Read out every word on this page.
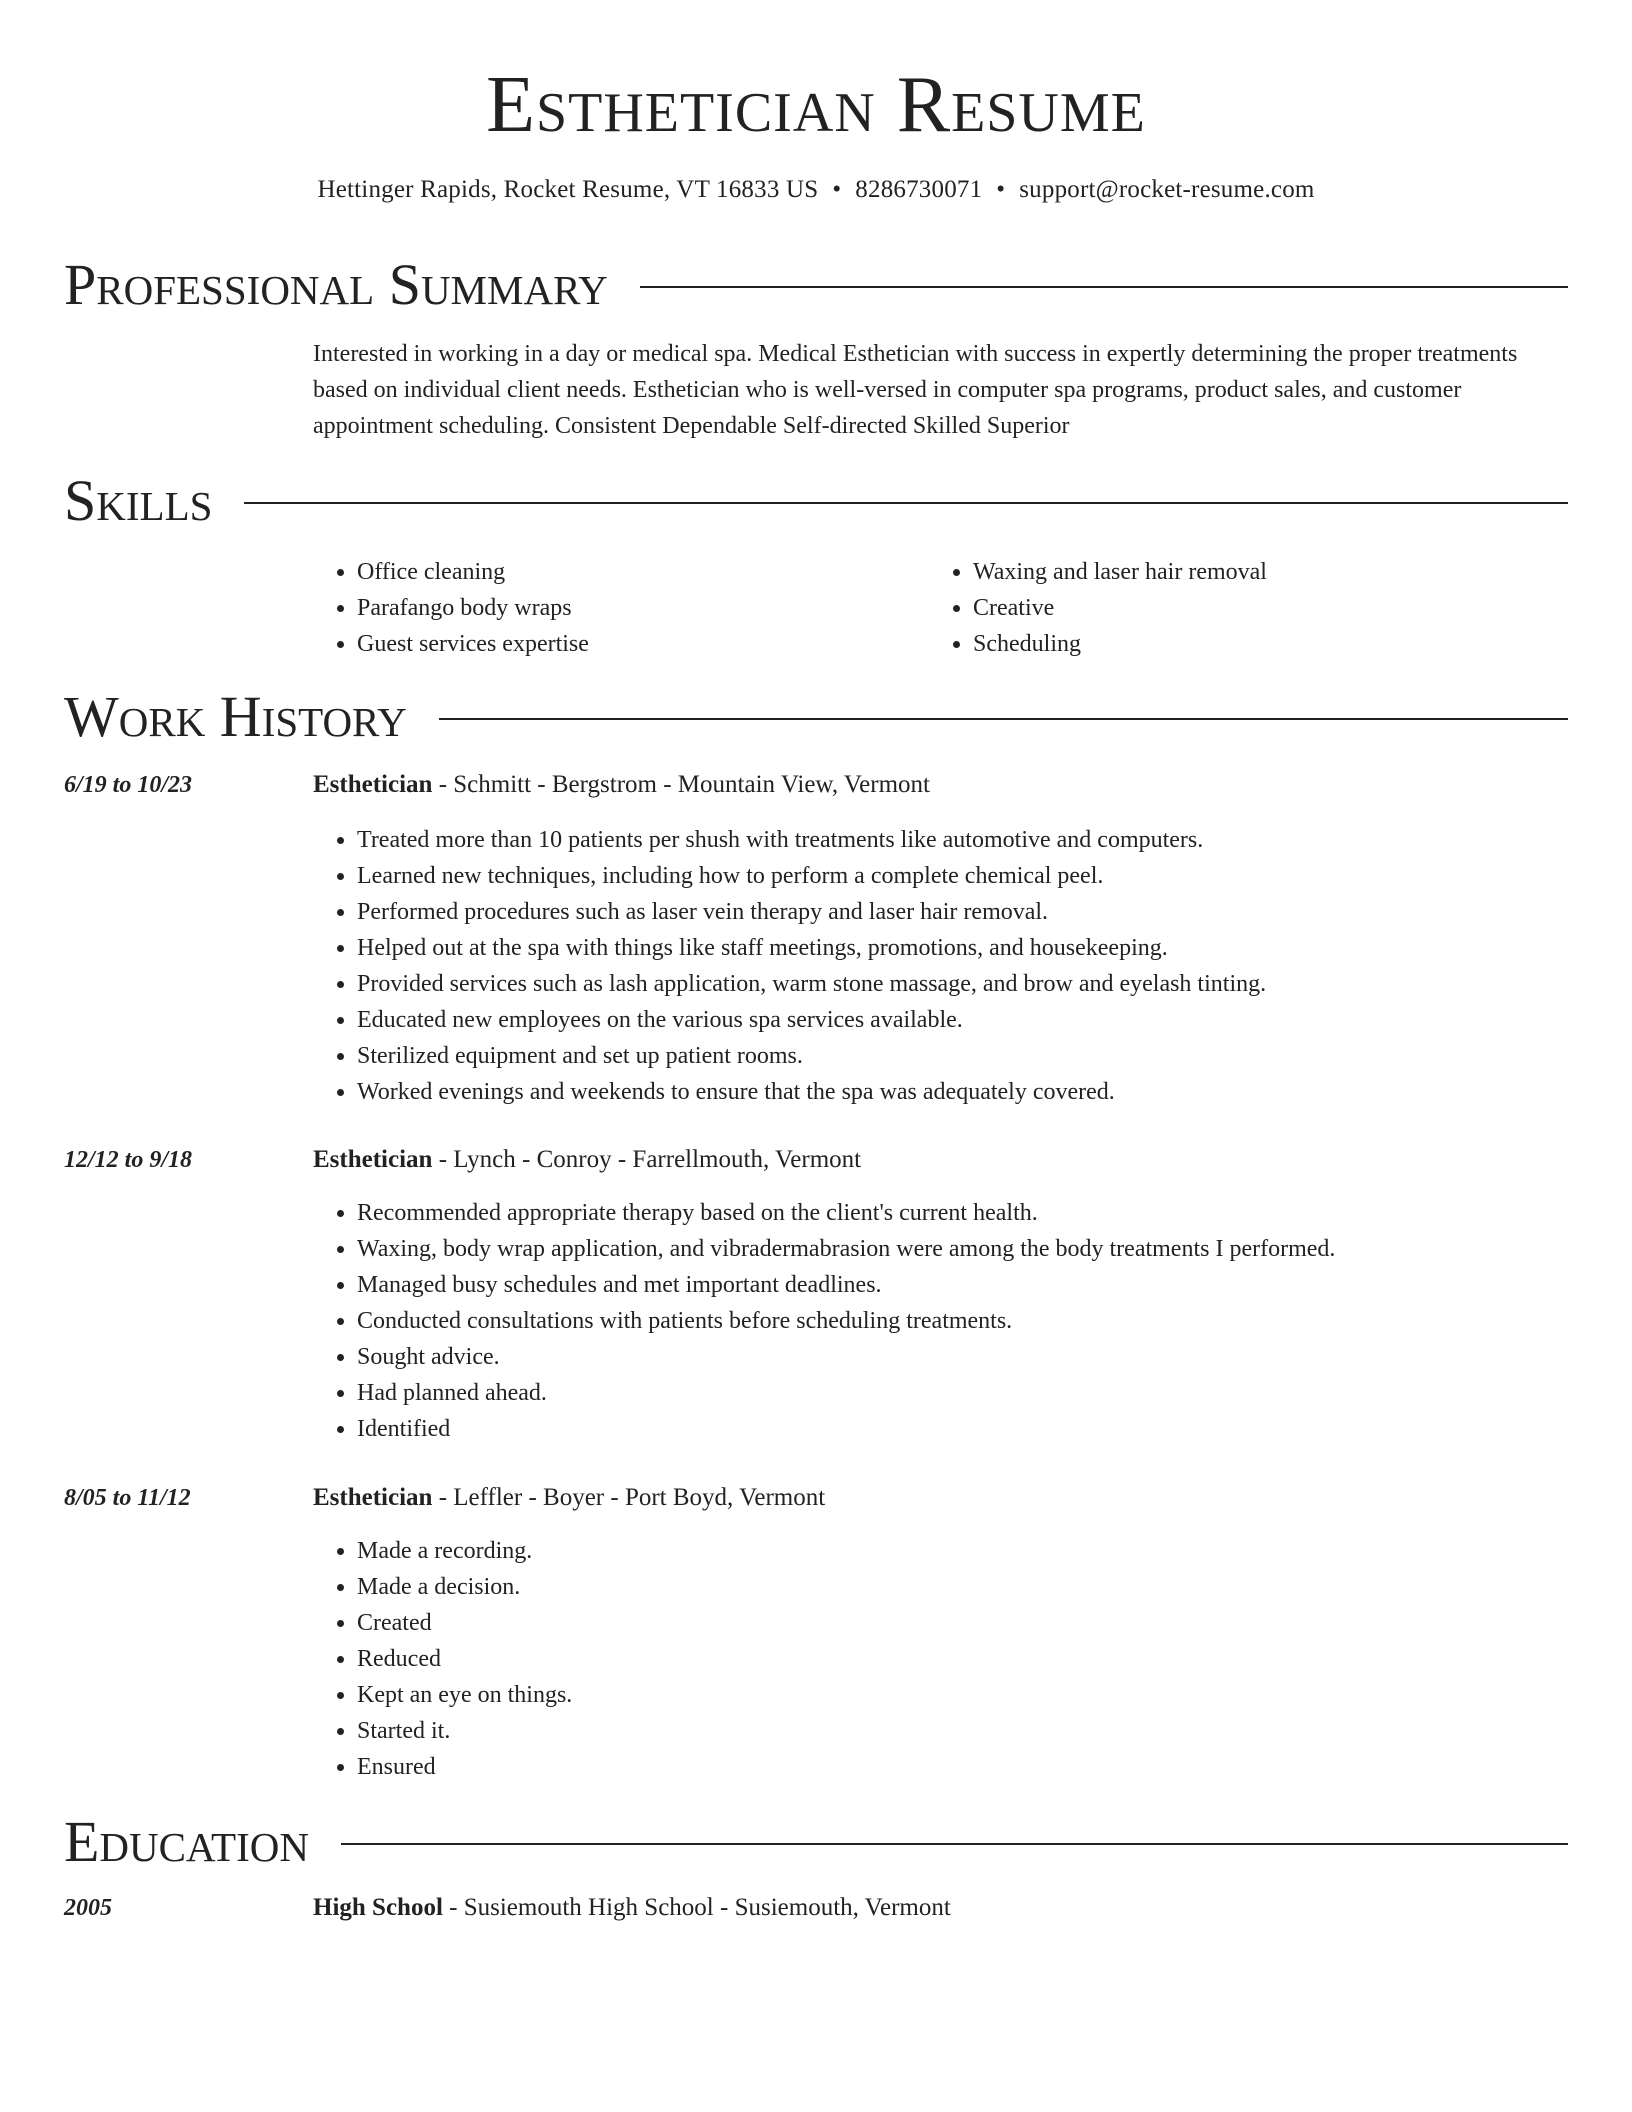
Esthetician Resume
Hettinger Rapids, Rocket Resume, VT 16833 US • 8286730071 • support@rocket-resume.com
Professional Summary

Interested in working in a day or medical spa. Medical Esthetician with success in expertly determining the proper treatments based on individual client needs. Esthetician who is well-versed in computer spa programs, product sales, and customer appointment scheduling. Consistent Dependable Self-directed Skilled Superior

Skills
• Office cleaning
• Parafango body wraps
• Guest services expertise
• Waxing and laser hair removal
• Creative
• Scheduling
Work History
6/19 to 10/23	Esthetician - Schmitt - Bergstrom - Mountain View, Vermont
• Treated more than 10 patients per shush with treatments like automotive and computers.
• Learned new techniques, including how to perform a complete chemical peel.
• Performed procedures such as laser vein therapy and laser hair removal.
• Helped out at the spa with things like staff meetings, promotions, and housekeeping.
• Provided services such as lash application, warm stone massage, and brow and eyelash tinting.
• Educated new employees on the various spa services available.
• Sterilized equipment and set up patient rooms.
• Worked evenings and weekends to ensure that the spa was adequately covered.
12/12 to 9/18	Esthetician - Lynch - Conroy - Farrellmouth, Vermont
• Recommended appropriate therapy based on the client's current health.
• Waxing, body wrap application, and vibradermabrasion were among the body treatments I performed.
• Managed busy schedules and met important deadlines.
• Conducted consultations with patients before scheduling treatments.
• Sought advice.
• Had planned ahead.
• Identified
8/05 to 11/12	Esthetician - Leffler - Boyer - Port Boyd, Vermont
• Made a recording.
• Made a decision.
• Created
• Reduced
• Kept an eye on things.
• Started it.
• Ensured
Education
2005	High School - Susiemouth High School - Susiemouth, Vermont
